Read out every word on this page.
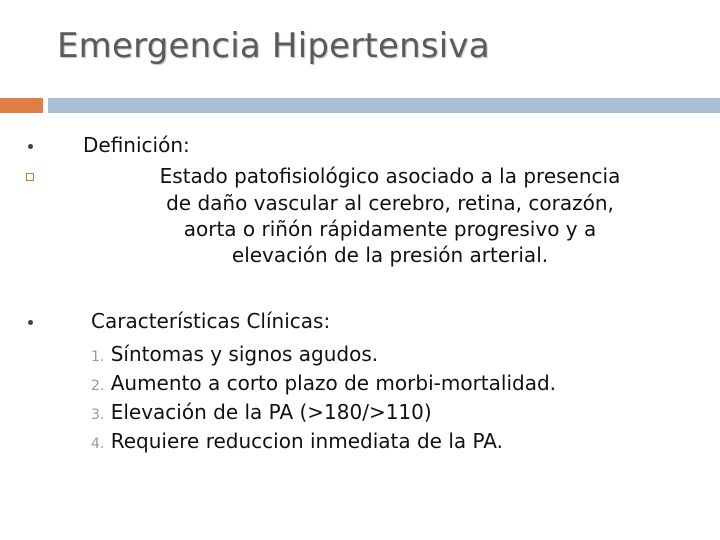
Emergencia Hipertensiva
Definición:
Estado patofisiológico asociado a la presencia
de daño vascular al cerebro, retina, corazón,
aorta o riñón rápidamente progresivo y a
elevación de la presión arterial.
Características Clínicas:
1. Síntomas y signos agudos.
2. Aumento a corto plazo de morbi-mortalidad.
3. Elevación de la PA (>180/>110)
4. Requiere reduccion inmediata de la PA.
